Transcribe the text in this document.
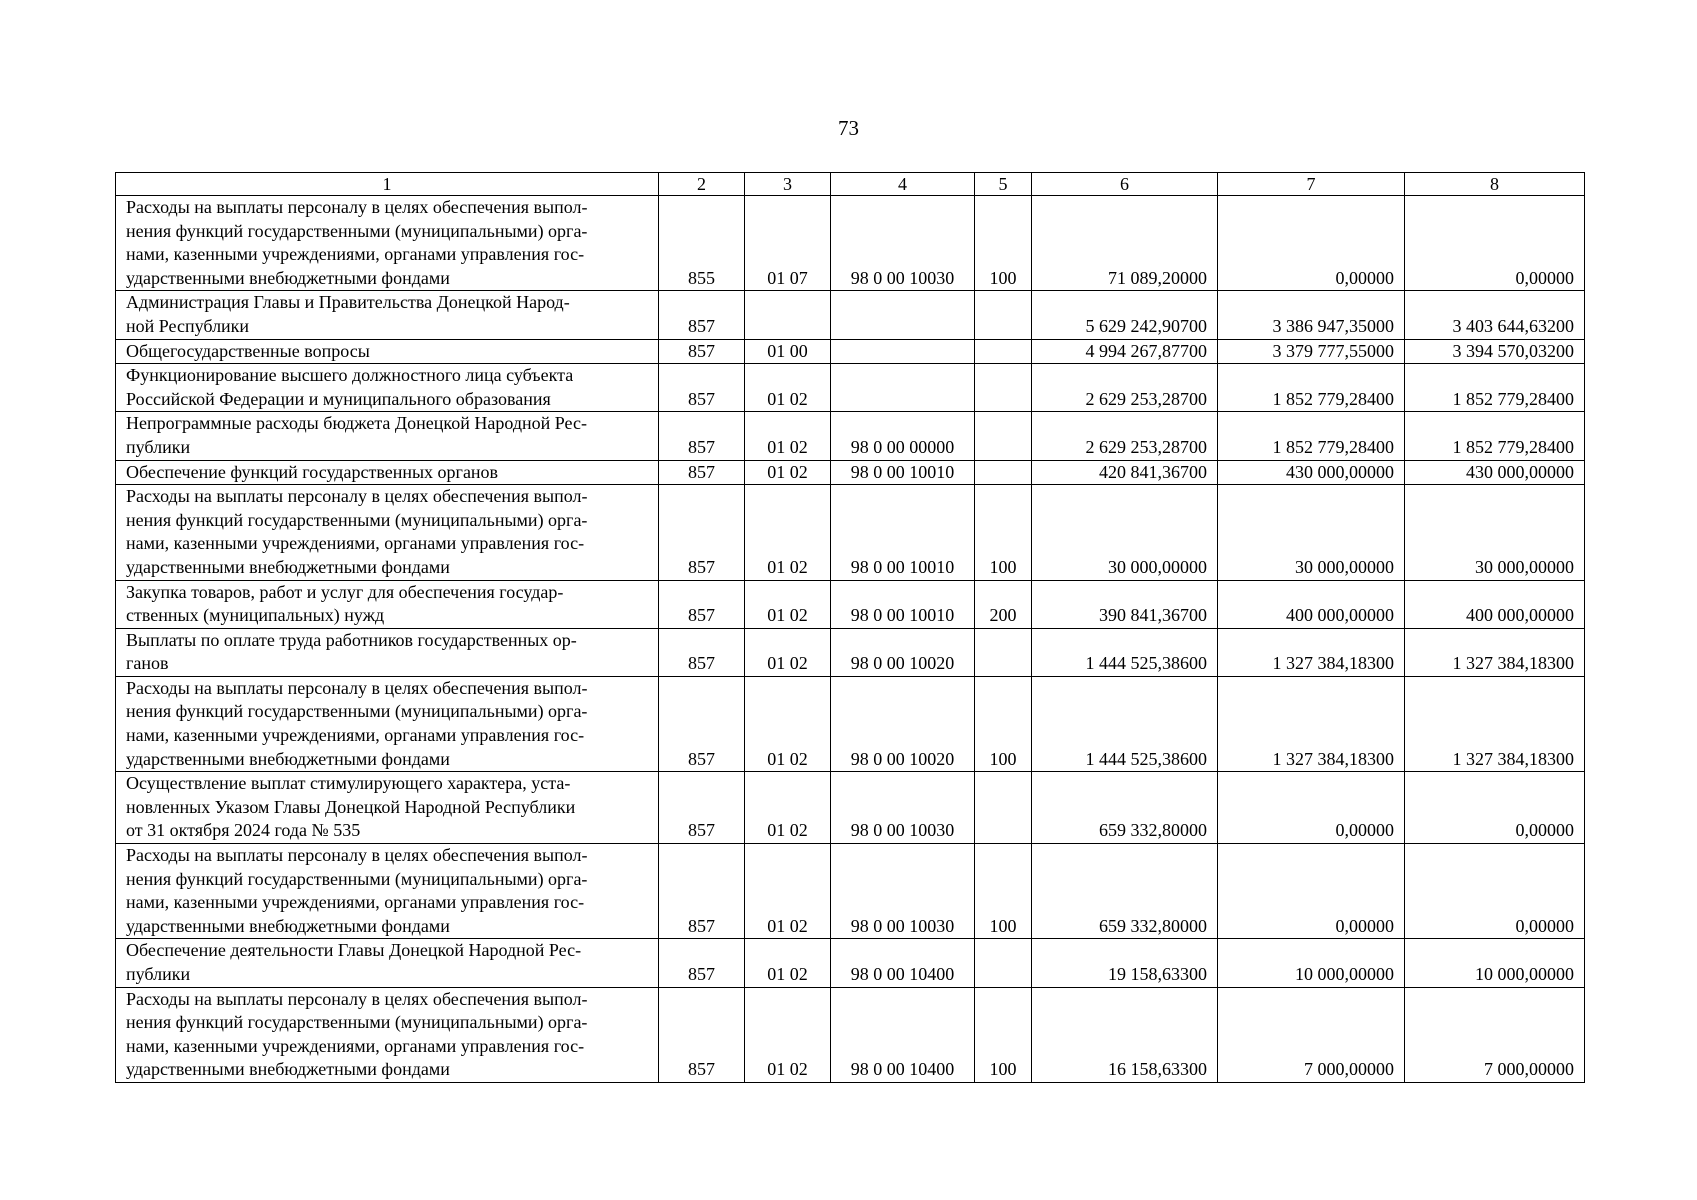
73
1	2	3	4	5	6	7	8

Расходы на выплаты персоналу в целях обеспечения выпол-
нения функций государственными (муниципальными) орга-
нами, казенными учреждениями, органами управления гос-
ударственными внебюджетными фондами	855	01 07	98 0 00 10030	100	71 089,20000	0,00000	0,00000

Администрация Главы и Правительства Донецкой Народ-
ной Республики	857				5 629 242,90700	3 386 947,35000	3 403 644,63200

Общегосударственные вопросы	857	01 00			4 994 267,87700	3 379 777,55000	3 394 570,03200

Функционирование высшего должностного лица субъекта
Российской Федерации и муниципального образования	857	01 02			2 629 253,28700	1 852 779,28400	1 852 779,28400

Непрограммные расходы бюджета Донецкой Народной Рес-
публики	857	01 02	98 0 00 00000		2 629 253,28700	1 852 779,28400	1 852 779,28400

Обеспечение функций государственных органов	857	01 02	98 0 00 10010		420 841,36700	430 000,00000	430 000,00000

Расходы на выплаты персоналу в целях обеспечения выпол-
нения функций государственными (муниципальными) орга-
нами, казенными учреждениями, органами управления гос-
ударственными внебюджетными фондами	857	01 02	98 0 00 10010	100	30 000,00000	30 000,00000	30 000,00000

Закупка товаров, работ и услуг для обеспечения государ-
ственных (муниципальных) нужд	857	01 02	98 0 00 10010	200	390 841,36700	400 000,00000	400 000,00000

Выплаты по оплате труда работников государственных ор-
ганов	857	01 02	98 0 00 10020		1 444 525,38600	1 327 384,18300	1 327 384,18300

Расходы на выплаты персоналу в целях обеспечения выпол-
нения функций государственными (муниципальными) орга-
нами, казенными учреждениями, органами управления гос-
ударственными внебюджетными фондами	857	01 02	98 0 00 10020	100	1 444 525,38600	1 327 384,18300	1 327 384,18300

Осуществление выплат стимулирующего характера, уста-
новленных Указом Главы Донецкой Народной Республики
от 31 октября 2024 года № 535	857	01 02	98 0 00 10030		659 332,80000	0,00000	0,00000

Расходы на выплаты персоналу в целях обеспечения выпол-
нения функций государственными (муниципальными) орга-
нами, казенными учреждениями, органами управления гос-
ударственными внебюджетными фондами	857	01 02	98 0 00 10030	100	659 332,80000	0,00000	0,00000

Обеспечение деятельности Главы Донецкой Народной Рес-
публики	857	01 02	98 0 00 10400		19 158,63300	10 000,00000	10 000,00000

Расходы на выплаты персоналу в целях обеспечения выпол-
нения функций государственными (муниципальными) орга-
нами, казенными учреждениями, органами управления гос-
ударственными внебюджетными фондами	857	01 02	98 0 00 10400	100	16 158,63300	7 000,00000	7 000,00000
